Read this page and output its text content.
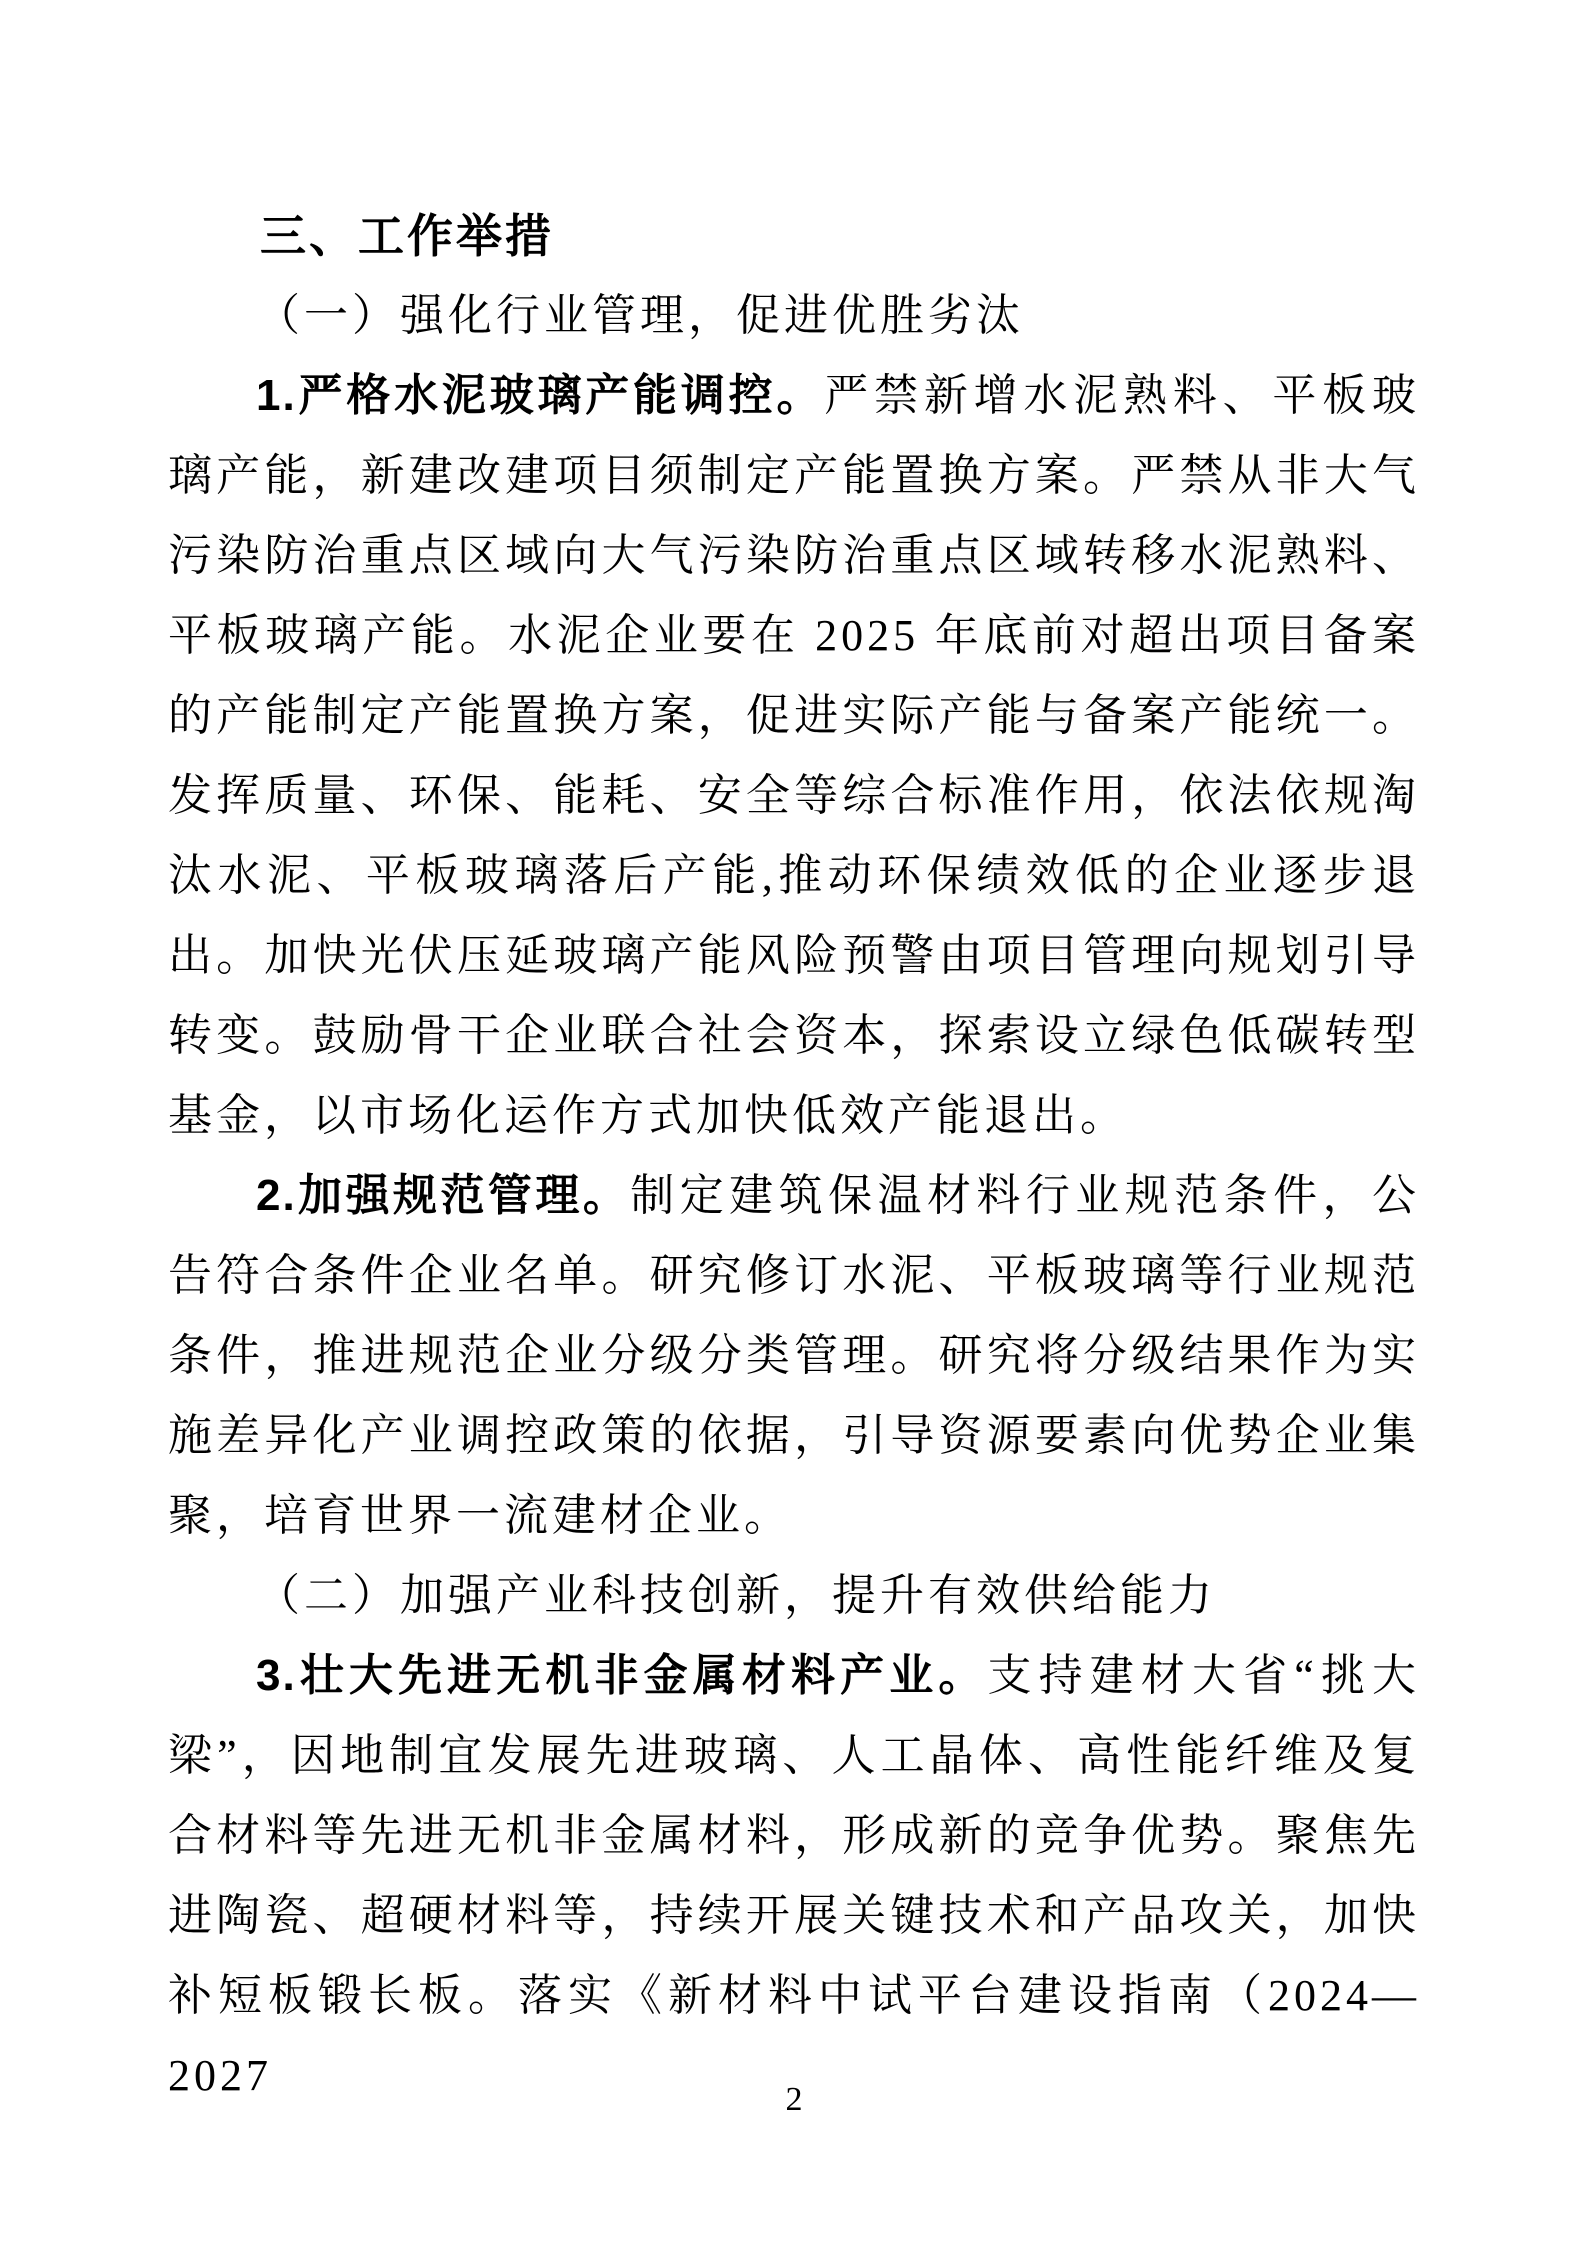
三、工作举措
（一）强化行业管理，促进优胜劣汰

1.严格水泥玻璃产能调控。严禁新增水泥熟料、平板玻璃产能，新建改建项目须制定产能置换方案。严禁从非大气污染防治重点区域向大气污染防治重点区域转移水泥熟料、平板玻璃产能。水泥企业要在 2025 年底前对超出项目备案的产能制定产能置换方案，促进实际产能与备案产能统一。发挥质量、环保、能耗、安全等综合标准作用，依法依规淘汰水泥、平板玻璃落后产能,推动环保绩效低的企业逐步退出。加快光伏压延玻璃产能风险预警由项目管理向规划引导转变。鼓励骨干企业联合社会资本，探索设立绿色低碳转型基金，以市场化运作方式加快低效产能退出。

2.加强规范管理。制定建筑保温材料行业规范条件，公告符合条件企业名单。研究修订水泥、平板玻璃等行业规范条件，推进规范企业分级分类管理。研究将分级结果作为实施差异化产业调控政策的依据，引导资源要素向优势企业集聚，培育世界一流建材企业。

（二）加强产业科技创新，提升有效供给能力

3.壮大先进无机非金属材料产业。支持建材大省“挑大梁”，因地制宜发展先进玻璃、人工晶体、高性能纤维及复合材料等先进无机非金属材料，形成新的竞争优势。聚焦先进陶瓷、超硬材料等，持续开展关键技术和产品攻关，加快补短板锻长板。落实《新材料中试平台建设指南（2024—2027	2
